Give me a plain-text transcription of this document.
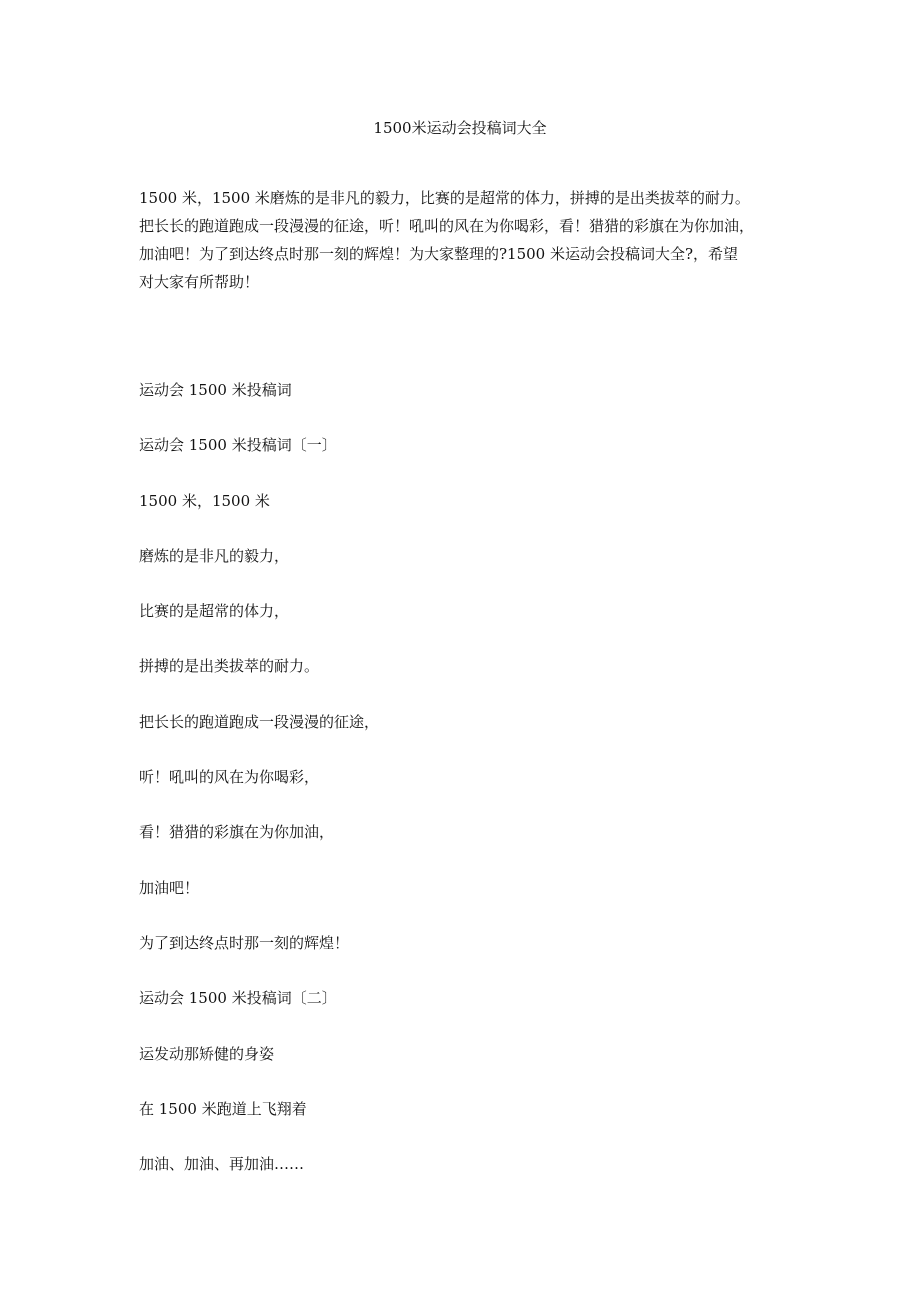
1500米运动会投稿词大全

1500 米，1500 米磨炼的是非凡的毅力，比赛的是超常的体力，拼搏的是出类拔萃的耐力。
把长长的跑道跑成一段漫漫的征途，听！吼叫的风在为你喝彩，看！猎猎的彩旗在为你加油，
加油吧！为了到达终点时那一刻的辉煌！为大家整理的?1500 米运动会投稿词大全?，希望
对大家有所帮助！

运动会 1500 米投稿词
运动会 1500 米投稿词〔一〕
1500 米，1500 米
磨炼的是非凡的毅力，
比赛的是超常的体力，
拼搏的是出类拔萃的耐力。
把长长的跑道跑成一段漫漫的征途，
听！吼叫的风在为你喝彩，
看！猎猎的彩旗在为你加油，
加油吧！
为了到达终点时那一刻的辉煌！
运动会 1500 米投稿词〔二〕
运发动那矫健的身姿
在 1500 米跑道上飞翔着
加油、加油、再加油……
